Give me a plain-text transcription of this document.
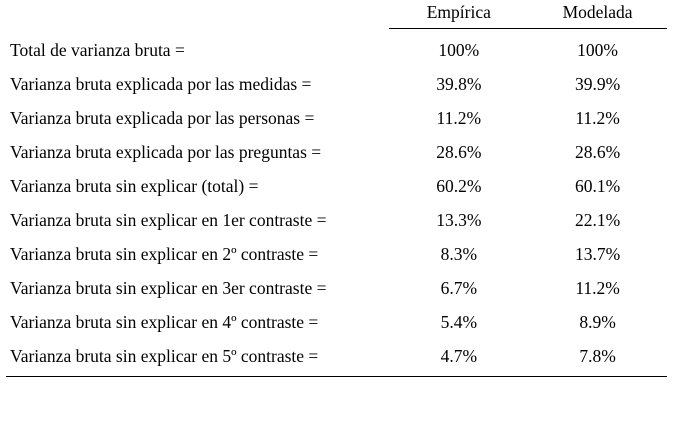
	Empírica	Modelada
Total de varianza bruta =	100%	100%
Varianza bruta explicada por las medidas =	39.8%	39.9%
Varianza bruta explicada por las personas =	11.2%	11.2%
Varianza bruta explicada por las preguntas =	28.6%	28.6%
Varianza bruta sin explicar (total) =	60.2%	60.1%
Varianza bruta sin explicar en 1er contraste =	13.3%	22.1%
Varianza bruta sin explicar en 2º contraste =	8.3%	13.7%
Varianza bruta sin explicar en 3er contraste =	6.7%	11.2%
Varianza bruta sin explicar en 4º contraste =	5.4%	8.9%
Varianza bruta sin explicar en 5º contraste =	4.7%	7.8%
